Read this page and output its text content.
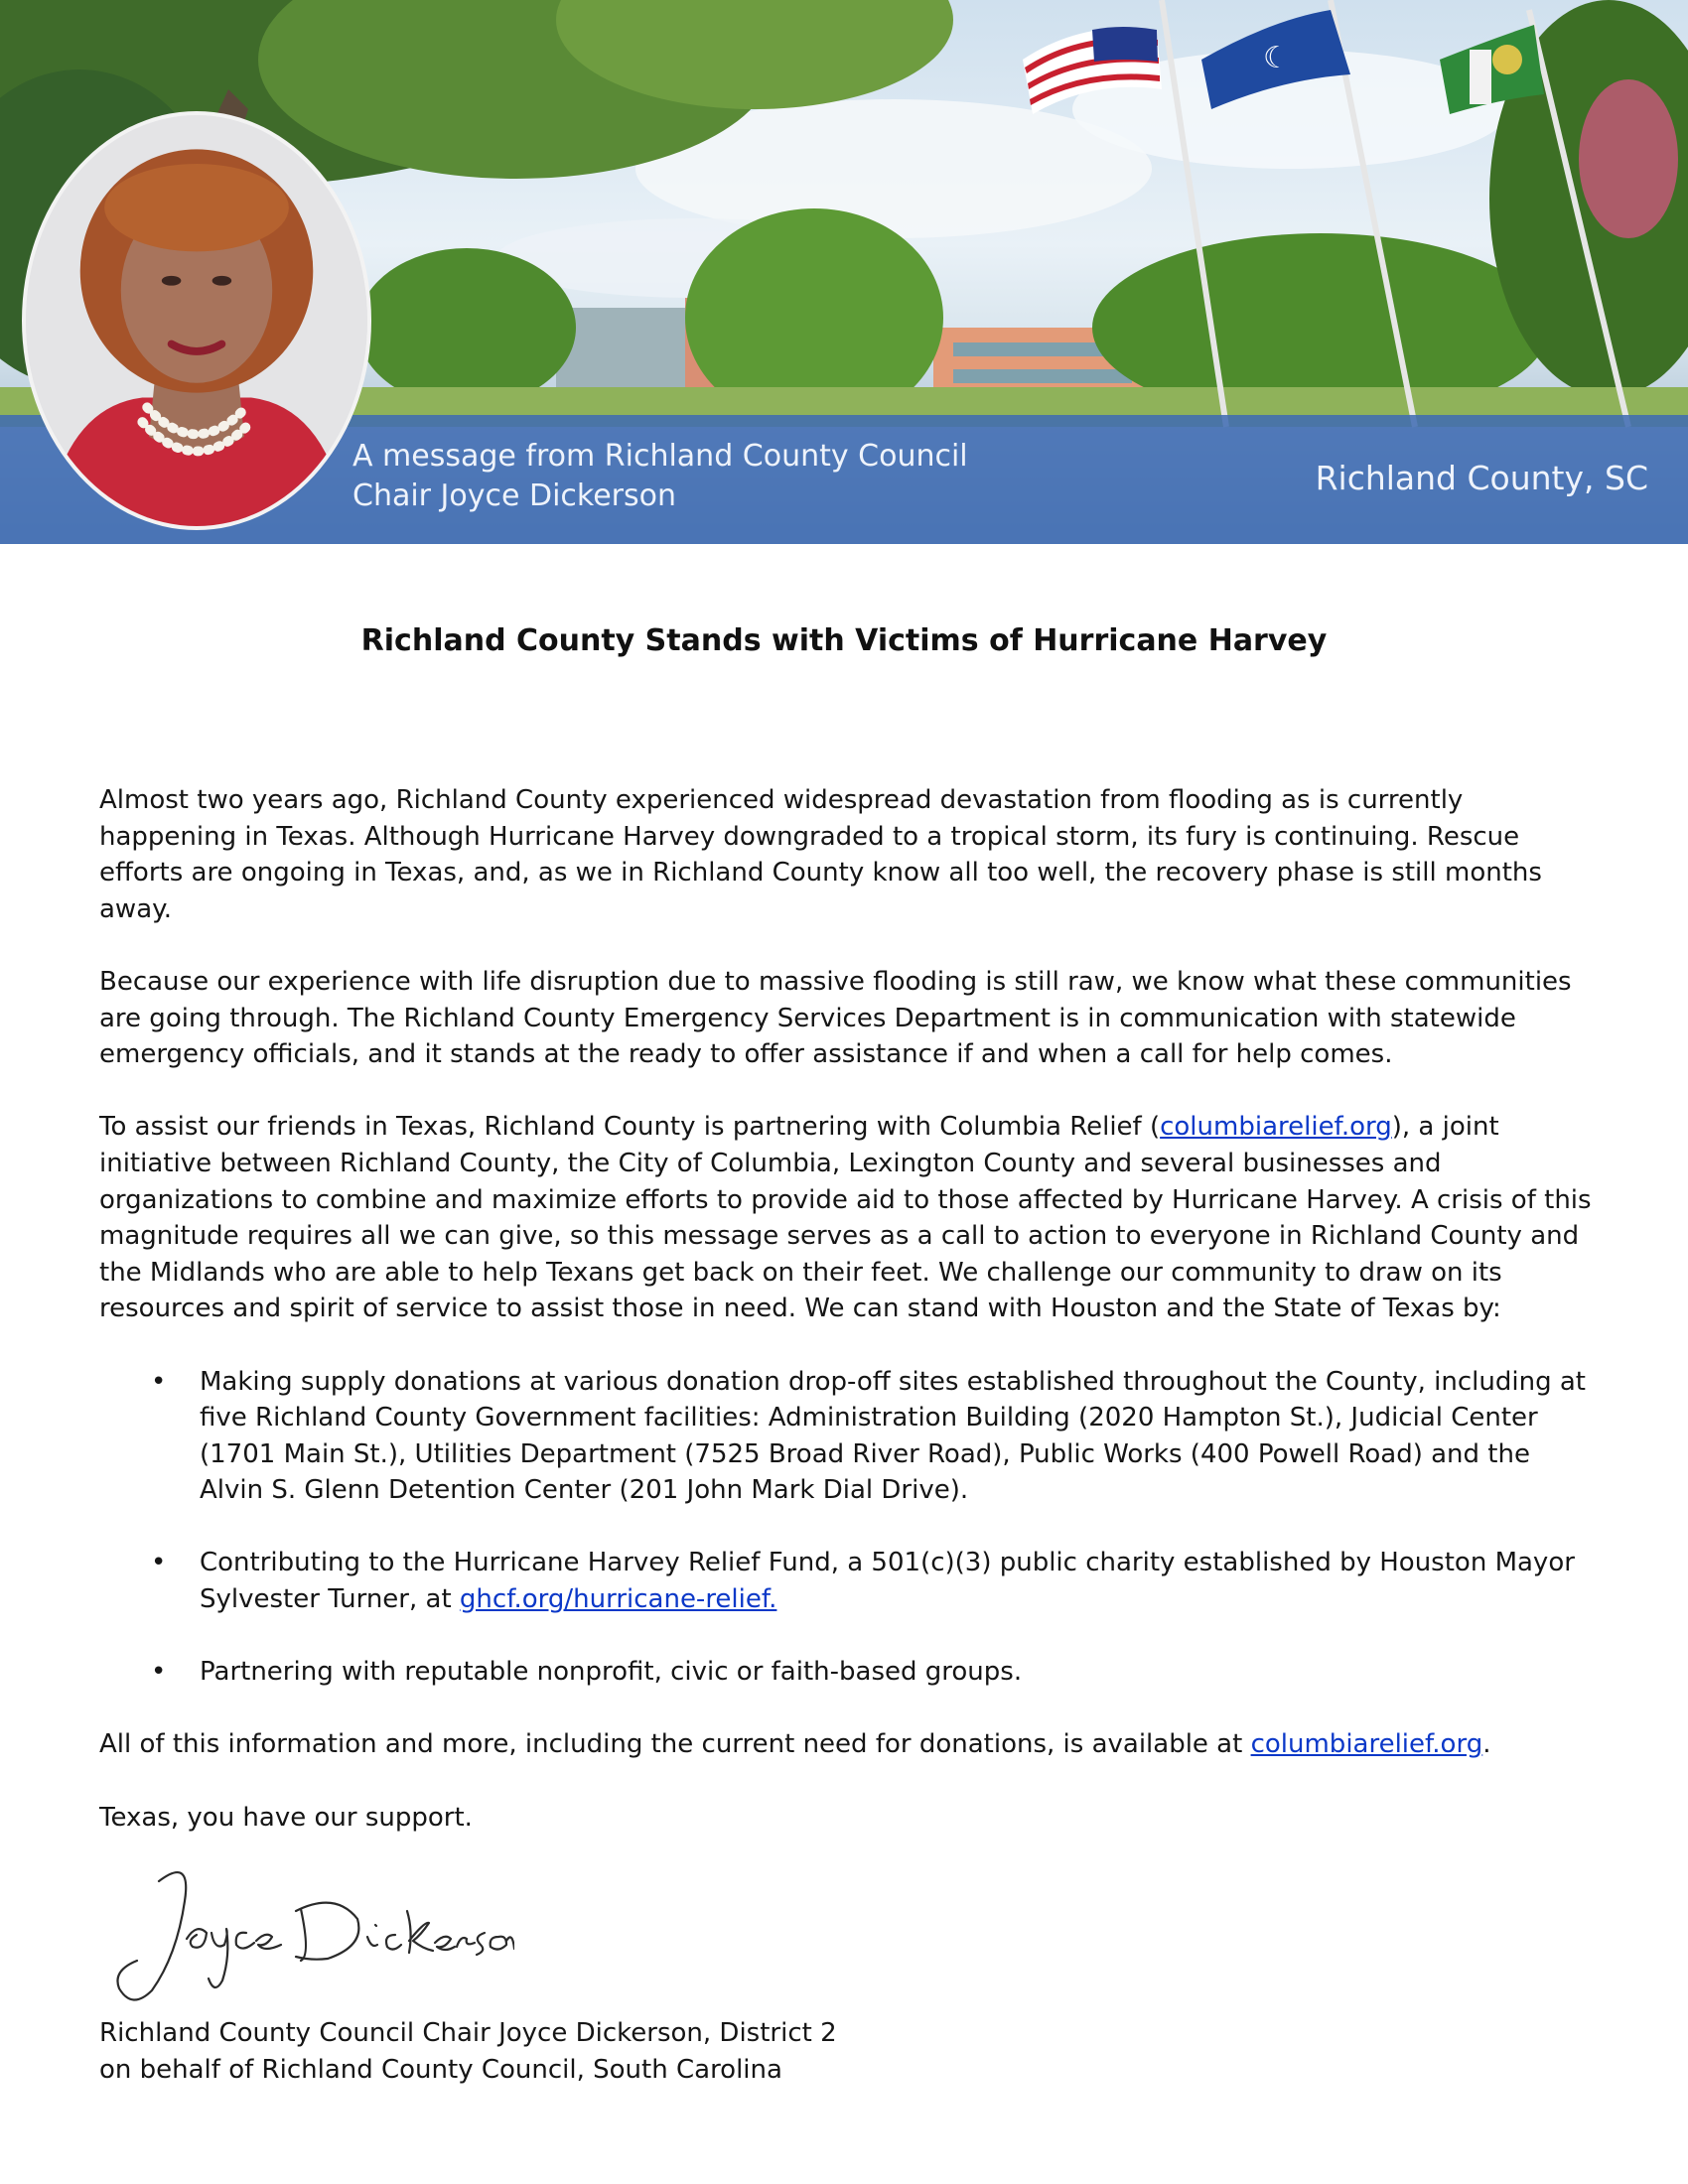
☾
A message from Richland County Council
Chair Joyce Dickerson	Richland County, SC
Richland County Stands with Victims of Hurricane Harvey

Almost two years ago, Richland County experienced widespread devastation from flooding as is currently happening in Texas. Although Hurricane Harvey downgraded to a tropical storm, its fury is continuing. Rescue efforts are ongoing in Texas, and, as we in Richland County know all too well, the recovery phase is still months away.

Because our experience with life disruption due to massive flooding is still raw, we know what these communities are going through. The Richland County Emergency Services Department is in communication with statewide emergency officials, and it stands at the ready to offer assistance if and when a call for help comes.

To assist our friends in Texas, Richland County is partnering with Columbia Relief (columbiarelief.org), a joint initiative between Richland County, the City of Columbia, Lexington County and several businesses and organizations to combine and maximize efforts to provide aid to those affected by Hurricane Harvey. A crisis of this magnitude requires all we can give, so this message serves as a call to action to everyone in Richland County and the Midlands who are able to help Texans get back on their feet. We challenge our community to draw on its resources and spirit of service to assist those in need. We can stand with Houston and the State of Texas by:

• Making supply donations at various donation drop-off sites established throughout the County, including at five Richland County Government facilities: Administration Building (2020 Hampton St.), Judicial Center (1701 Main St.), Utilities Department (7525 Broad River Road), Public Works (400 Powell Road) and the Alvin S. Glenn Detention Center (201 John Mark Dial Drive).
• Contributing to the Hurricane Harvey Relief Fund, a 501(c)(3) public charity established by Houston Mayor Sylvester Turner, at ghcf.org/hurricane-relief.
• Partnering with reputable nonprofit, civic or faith-based groups.

All of this information and more, including the current need for donations, is available at columbiarelief.org.

Texas, you have our support.

Richland County Council Chair Joyce Dickerson, District 2
on behalf of Richland County Council, South Carolina
